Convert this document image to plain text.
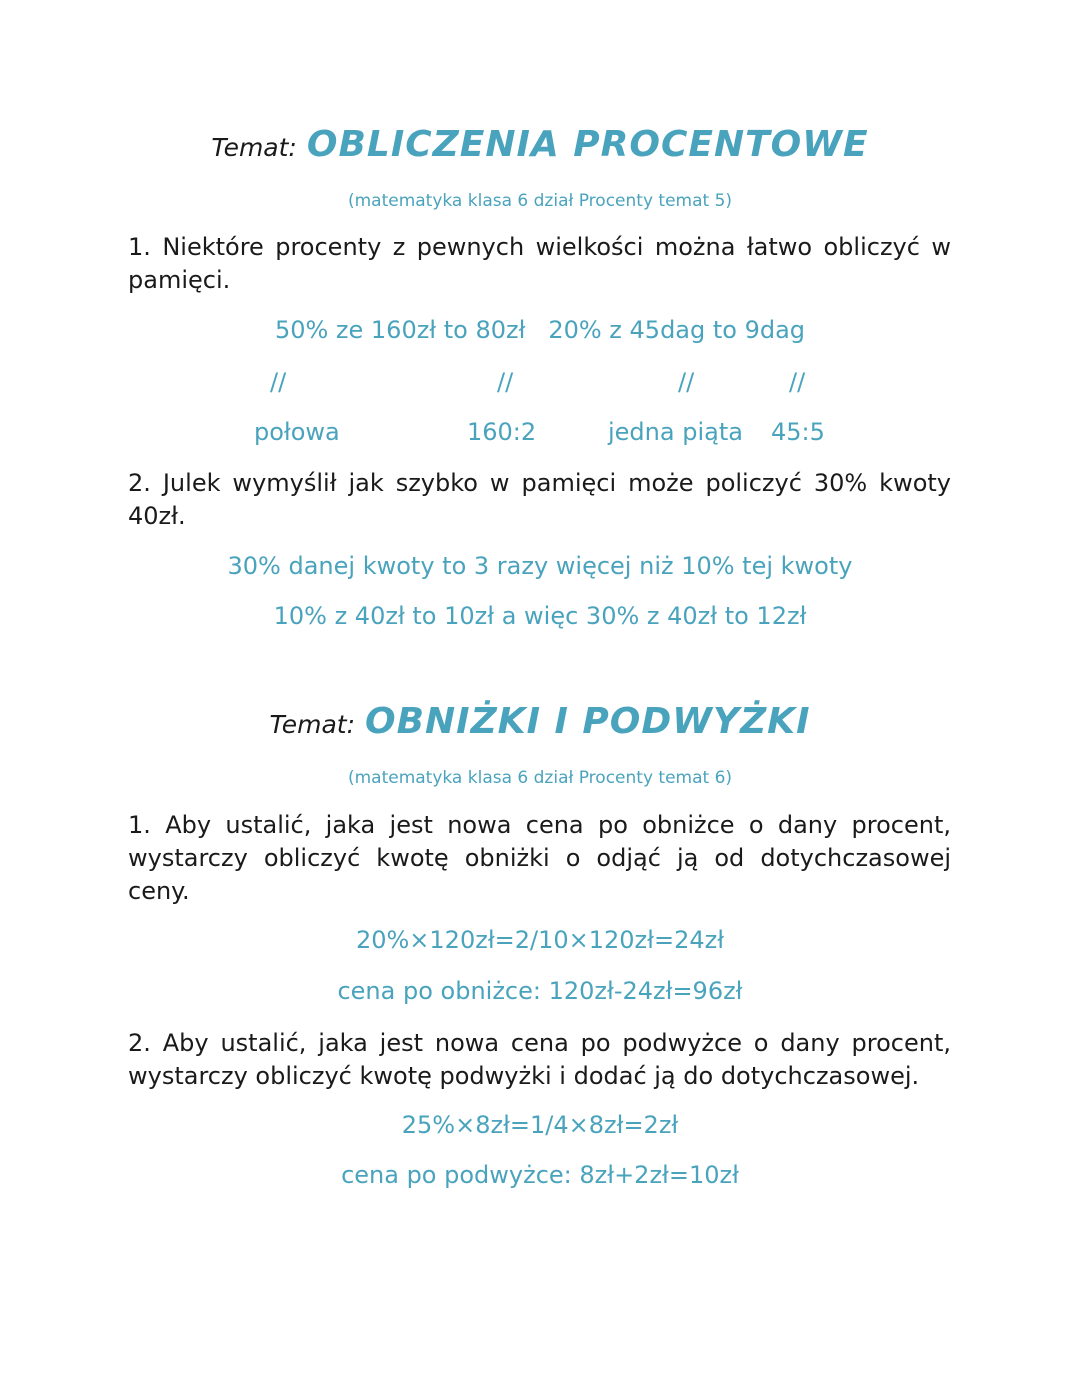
Temat: OBLICZENIA PROCENTOWE
(matematyka klasa 6 dział Procenty temat 5)
1. Niektóre procenty z pewnych wielkości można łatwo obliczyć w pamięci.
50% ze 160zł to 80zł   20% z 45dag to 9dag
//	//	//	//
połowa	160:2	jedna piąta 45:5
2. Julek wymyślił jak szybko w pamięci może policzyć 30% kwoty 40zł.
30% danej kwoty to 3 razy więcej niż 10% tej kwoty
10% z 40zł to 10zł a więc 30% z 40zł to 12zł
Temat: OBNIŻKI I PODWYŻKI
(matematyka klasa 6 dział Procenty temat 6)
1. Aby ustalić, jaka jest nowa cena po obniżce o dany procent, wystarczy obliczyć kwotę obniżki o odjąć ją od dotychczasowej ceny.
20%×120zł=2/10×120zł=24zł
cena po obniżce: 120zł-24zł=96zł
2. Aby ustalić, jaka jest nowa cena po podwyżce o dany procent, wystarczy obliczyć kwotę podwyżki i dodać ją do dotychczasowej.
25%×8zł=1/4×8zł=2zł
cena po podwyżce: 8zł+2zł=10zł
